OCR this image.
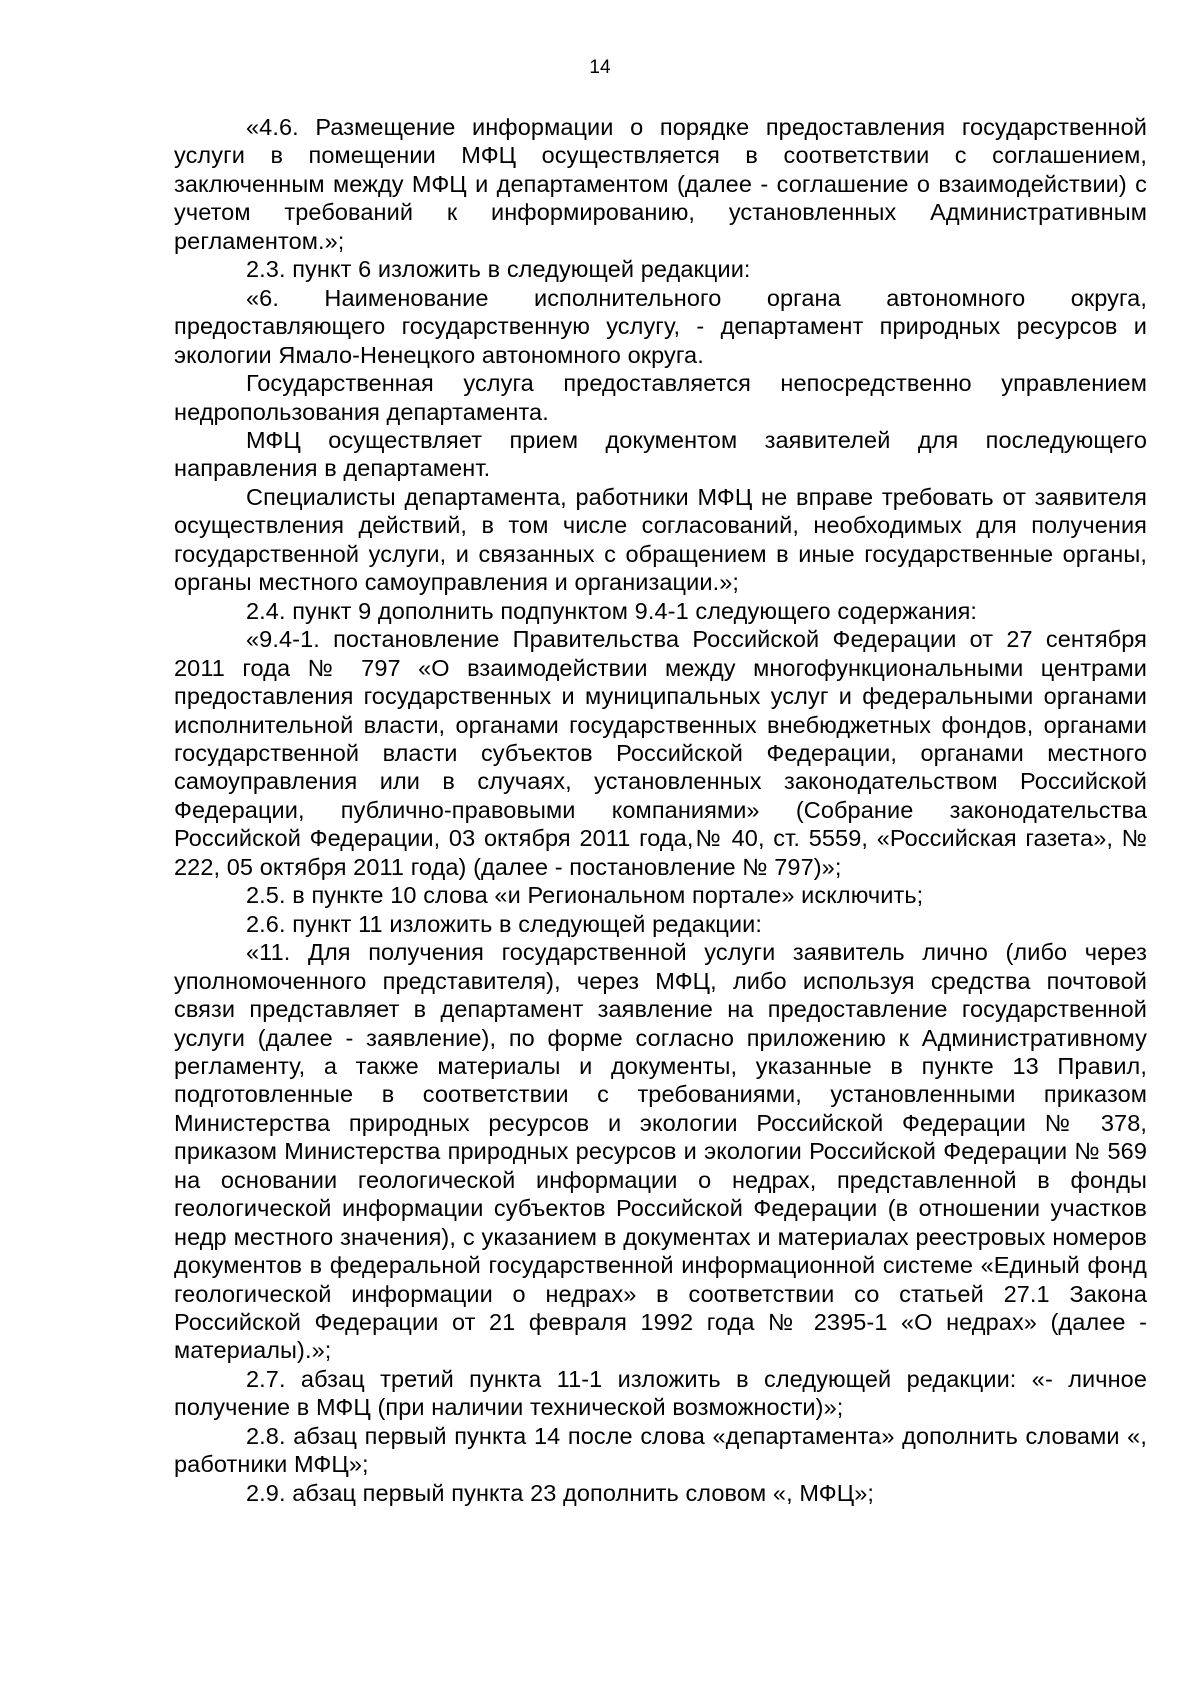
14

«4.6. Размещение информации о порядке предоставления государственной услуги в помещении МФЦ осуществляется в соответствии с соглашением, заключенным между МФЦ и департаментом (далее - соглашение о взаимодействии) с учетом требований к информированию, установленных Административным регламентом.»;

2.3. пункт 6 изложить в следующей редакции:

«6. Наименование исполнительного органа автономного округа, предоставляющего государственную услугу, - департамент природных ресурсов и экологии Ямало-Ненецкого автономного округа.

Государственная услуга предоставляется непосредственно управлением недропользования департамента.

МФЦ осуществляет прием документом заявителей для последующего направления в департамент.

Специалисты департамента, работники МФЦ не вправе требовать от заявителя осуществления действий, в том числе согласований, необходимых для получения государственной услуги, и связанных с обращением в иные государственные органы, органы местного самоуправления и организации.»;

2.4. пункт 9 дополнить подпунктом 9.4-1 следующего содержания:

«9.4-1. постановление Правительства Российской Федерации от 27 сентября 2011 года № 797 «О взаимодействии между многофункциональными центрами предоставления государственных и муниципальных услуг и федеральными органами исполнительной власти, органами государственных внебюджетных фондов, органами государственной власти субъектов Российской Федерации, органами местного самоуправления или в случаях, установленных законодательством Российской Федерации, публично-правовыми компаниями» (Собрание законодательства Российской Федерации, 03 октября 2011 года,№ 40, ст. 5559, «Российская газета», № 222, 05 октября 2011 года) (далее - постановление № 797)»;

2.5. в пункте 10 слова «и Региональном портале» исключить;

2.6. пункт 11 изложить в следующей редакции:

«11. Для получения государственной услуги заявитель лично (либо через уполномоченного представителя), через МФЦ, либо используя средства почтовой связи представляет в департамент заявление на предоставление государственной услуги (далее - заявление), по форме согласно приложению к Административному регламенту, а также материалы и документы, указанные в пункте 13 Правил, подготовленные в соответствии с требованиями, установленными приказом Министерства природных ресурсов и экологии Российской Федерации № 378, приказом Министерства природных ресурсов и экологии Российской Федерации № 569 на основании геологической информации о недрах, представленной в фонды геологической информации субъектов Российской Федерации (в отношении участков недр местного значения), с указанием в документах и материалах реестровых номеров документов в федеральной государственной информационной системе «Единый фонд геологической информации о недрах» в соответствии со статьей 27.1 Закона Российской Федерации от 21 февраля 1992 года № 2395-1 «О недрах» (далее - материалы).»;

2.7. абзац третий пункта 11-1 изложить в следующей редакции: «- личное получение в МФЦ (при наличии технической возможности)»;

2.8. абзац первый пункта 14 после слова «департамента» дополнить словами «, работники МФЦ»;

2.9. абзац первый пункта 23 дополнить словом «, МФЦ»;
